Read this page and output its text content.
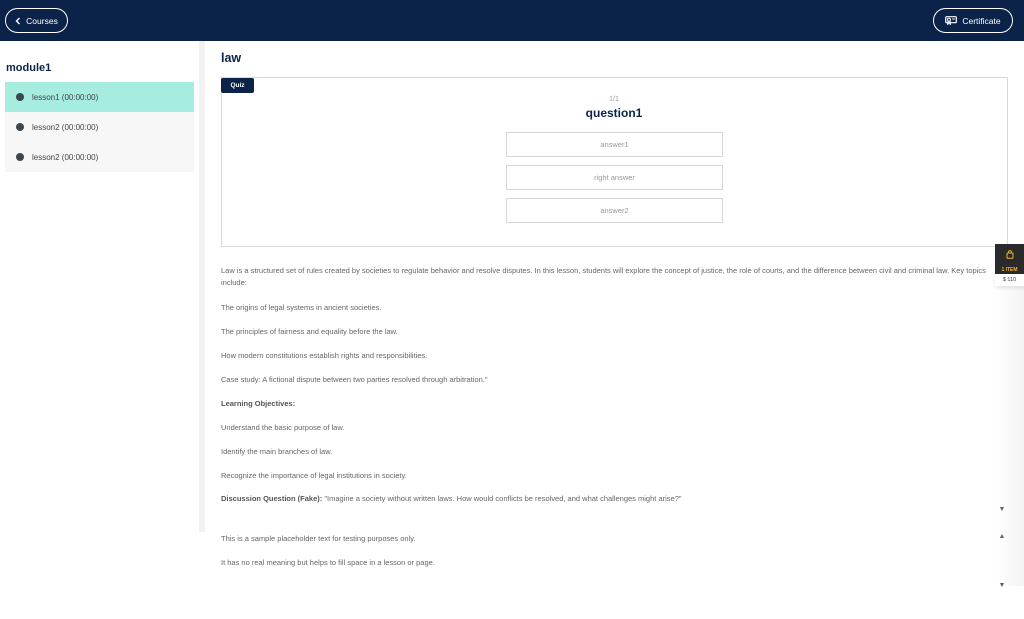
Courses	Certificate
module1
lesson1 (00:00:00)
lesson2 (00:00:00)
lesson2 (00:00:00)
law
Quiz
1/1
question1
answer1
right answer
answer2
Law is a structured set of rules created by societies to regulate behavior and resolve disputes. In this lesson, students will explore the concept of justice, the role of courts, and the difference between civil and criminal law. Key topics include:
The origins of legal systems in ancient societies.
The principles of fairness and equality before the law.
How modern constitutions establish rights and responsibilities.
Case study: A fictional dispute between two parties resolved through arbitration."
Learning Objectives:
Understand the basic purpose of law.
Identify the main branches of law.
Recognize the importance of legal institutions in society.
Discussion Question (Fake): "Imagine a society without written laws. How would conflicts be resolved, and what challenges might arise?"
This is a sample placeholder text for testing purposes only.
It has no real meaning but helps to fill space in a lesson or page.
1 ITEM
$ 110
▼
▲
▼
